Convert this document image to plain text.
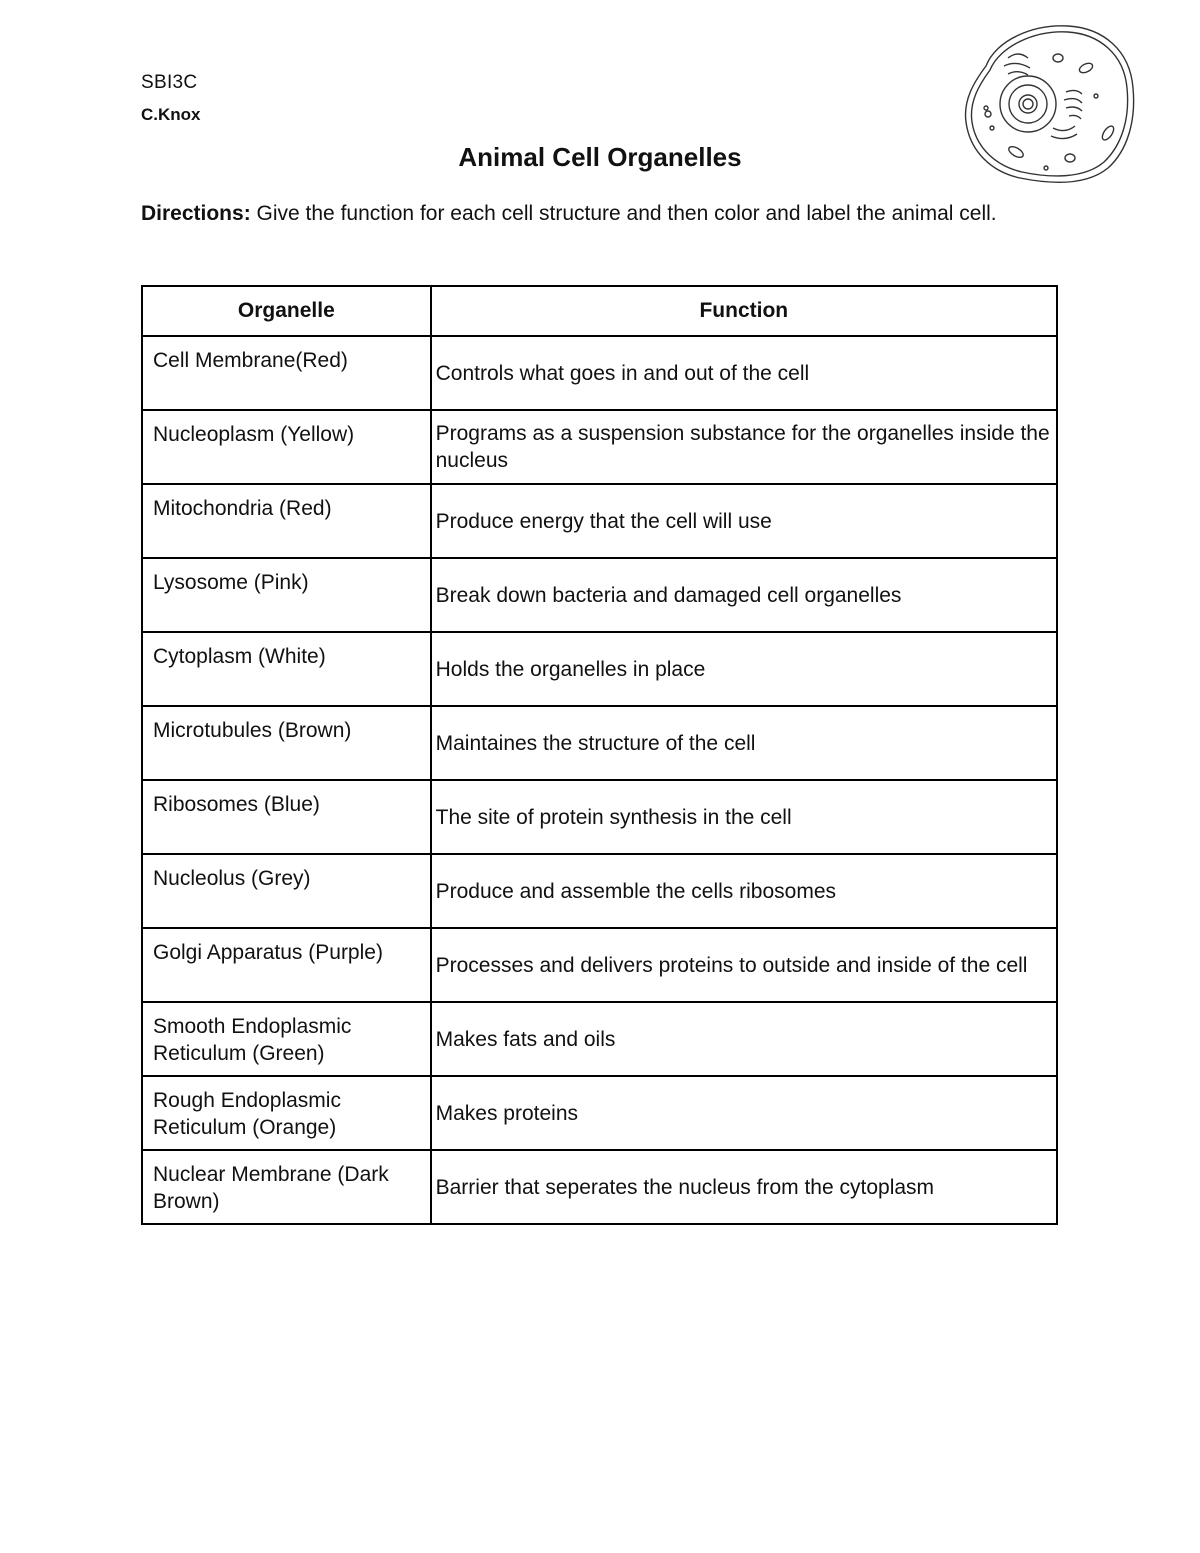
SBI3C
C.Knox
Animal Cell Organelles
Directions: Give the function for each cell structure and then color and label the animal cell.
Organelle	Function
Cell Membrane(Red)	Controls what goes in and out of the cell
Nucleoplasm (Yellow)	Programs as a suspension substance for the organelles inside the nucleus
Mitochondria (Red)	Produce energy that the cell will use
Lysosome (Pink)	Break down bacteria and damaged cell organelles
Cytoplasm (White)	Holds the organelles in place
Microtubules (Brown)	Maintaines the structure of the cell
Ribosomes (Blue)	The site of protein synthesis in the cell
Nucleolus (Grey)	Produce and assemble the cells ribosomes
Golgi Apparatus (Purple)	Processes and delivers proteins to outside and inside of the cell
Smooth Endoplasmic Reticulum (Green)	Makes fats and oils
Rough Endoplasmic Reticulum (Orange)	Makes proteins
Nuclear Membrane (Dark Brown)	Barrier that seperates the nucleus from the cytoplasm
